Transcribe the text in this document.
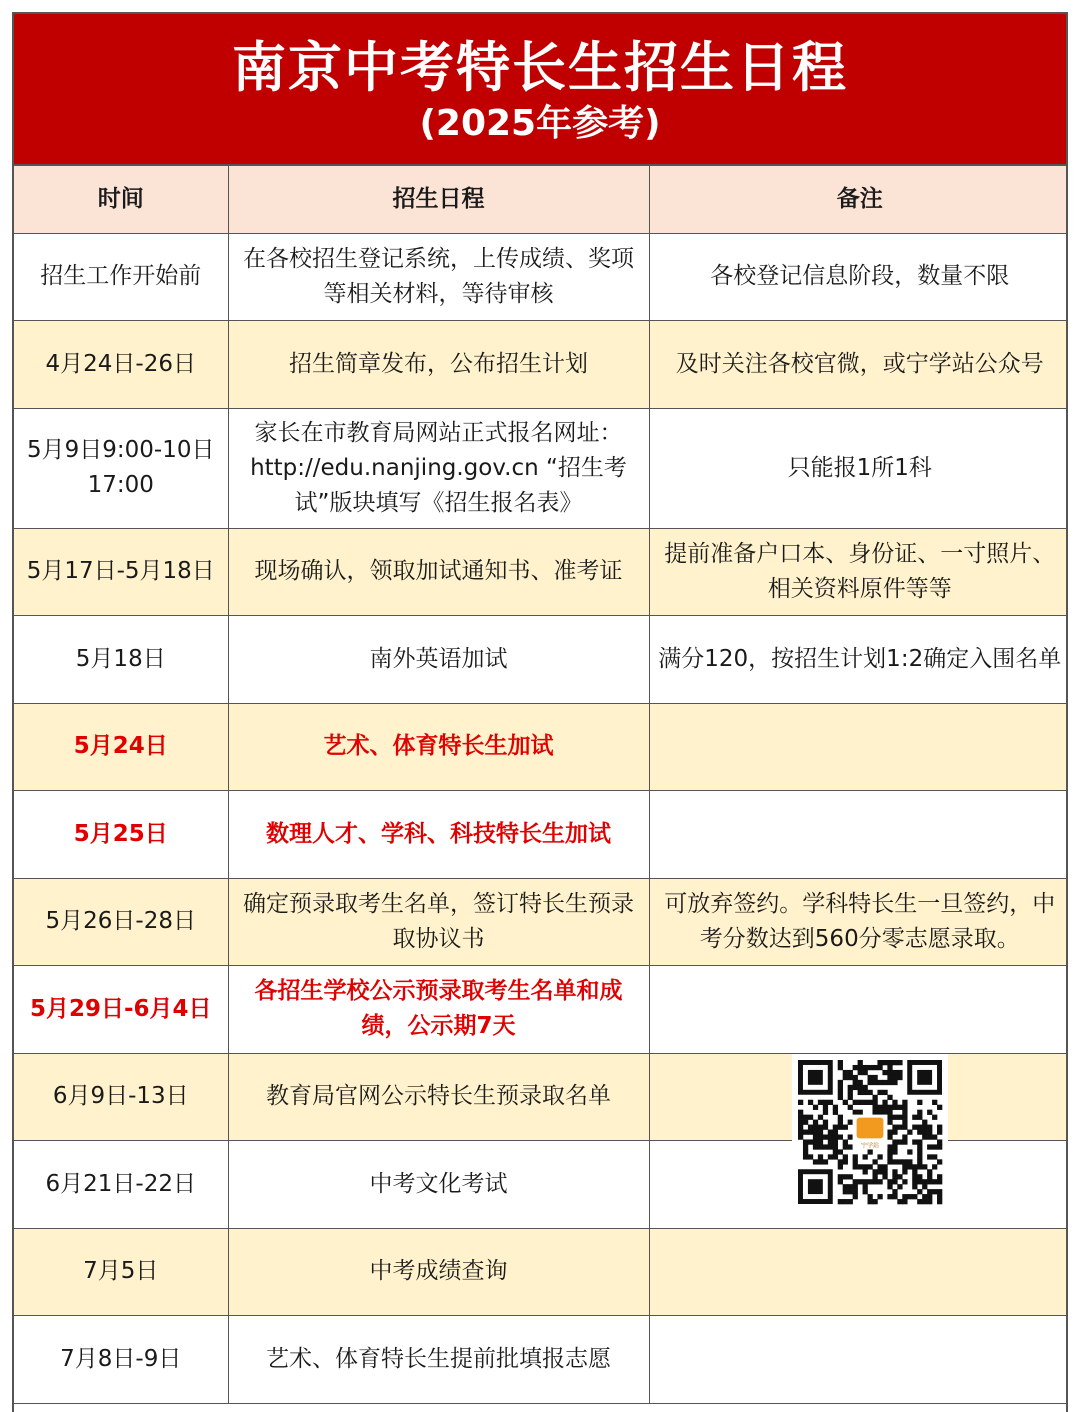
南京中考特长生招生日程
(2025年参考)
时间	招生日程	备注
招生工作开始前	在各校招生登记系统，上传成绩、奖项等相关材料，等待审核	各校登记信息阶段，数量不限
4月24日-26日	招生简章发布，公布招生计划	及时关注各校官微，或宁学站公众号
5月9日9:00-10日17:00	家长在市教育局网站正式报名网址： http://edu.nanjing.gov.cn “招生考试”版块填写《招生报名表》	只能报1所1科
5月17日-5月18日	现场确认，领取加试通知书、准考证	提前准备户口本、身份证、一寸照片、相关资料原件等等
5月18日	南外英语加试	满分120，按招生计划1:2确定入围名单
5月24日	艺术、体育特长生加试	
5月25日	数理人才、学科、科技特长生加试	
5月26日-28日	确定预录取考生名单，签订特长生预录取协议书	可放弃签约。学科特长生一旦签约，中考分数达到560分零志愿录取。
5月29日-6月4日	各招生学校公示预录取考生名单和成绩，公示期7天	
6月9日-13日	教育局官网公示特长生预录取名单	宁学站

6月21日-22日	中考文化考试	
7月5日	中考成绩查询	
7月8日-9日	艺术、体育特长生提前批填报志愿	
